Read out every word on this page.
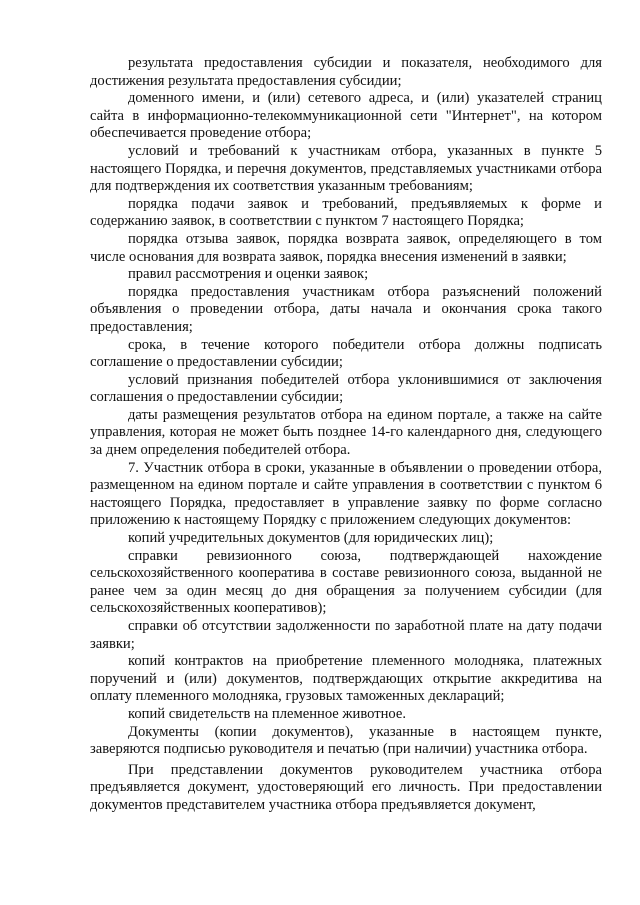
результата предоставления субсидии и показателя, необходимого для достижения результата предоставления субсидии;

доменного имени, и (или) сетевого адреса, и (или) указателей страниц сайта в информационно-телекоммуникационной сети "Интернет", на котором обеспечивается проведение отбора;

условий и требований к участникам отбора, указанных в пункте 5 настоящего Порядка, и перечня документов, представляемых участниками отбора для подтверждения их соответствия указанным требованиям;

порядка подачи заявок и требований, предъявляемых к форме и содержанию заявок, в соответствии с пунктом 7 настоящего Порядка;

порядка отзыва заявок, порядка возврата заявок, определяющего в том числе основания для возврата заявок, порядка внесения изменений в заявки;

правил рассмотрения и оценки заявок;

порядка предоставления участникам отбора разъяснений положений объявления о проведении отбора, даты начала и окончания срока такого предоставления;

срока, в течение которого победители отбора должны подписать соглашение о предоставлении субсидии;

условий признания победителей отбора уклонившимися от заключения соглашения о предоставлении субсидии;

даты размещения результатов отбора на едином портале, а также на сайте управления, которая не может быть позднее 14-го календарного дня, следующего за днем определения победителей отбора.

7. Участник отбора в сроки, указанные в объявлении о проведении отбора, размещенном на едином портале и сайте управления в соответствии с пунктом 6 настоящего Порядка, предоставляет в управление заявку по форме согласно приложению к настоящему Порядку с приложением следующих документов:

копий учредительных документов (для юридических лиц);

справки ревизионного союза, подтверждающей нахождение сельскохозяйственного кооператива в составе ревизионного союза, выданной не ранее чем за один месяц до дня обращения за получением субсидии (для сельскохозяйственных кооперативов);

справки об отсутствии задолженности по заработной плате на дату подачи заявки;

копий контрактов на приобретение племенного молодняка, платежных поручений и (или) документов, подтверждающих открытие аккредитива на оплату племенного молодняка, грузовых таможенных деклараций;

копий свидетельств на племенное животное.

Документы (копии документов), указанные в настоящем пункте, заверяются подписью руководителя и печатью (при наличии) участника отбора.

При представлении документов руководителем участника отбора предъявляется документ, удостоверяющий его личность. При предоставлении документов представителем участника отбора предъявляется документ,
